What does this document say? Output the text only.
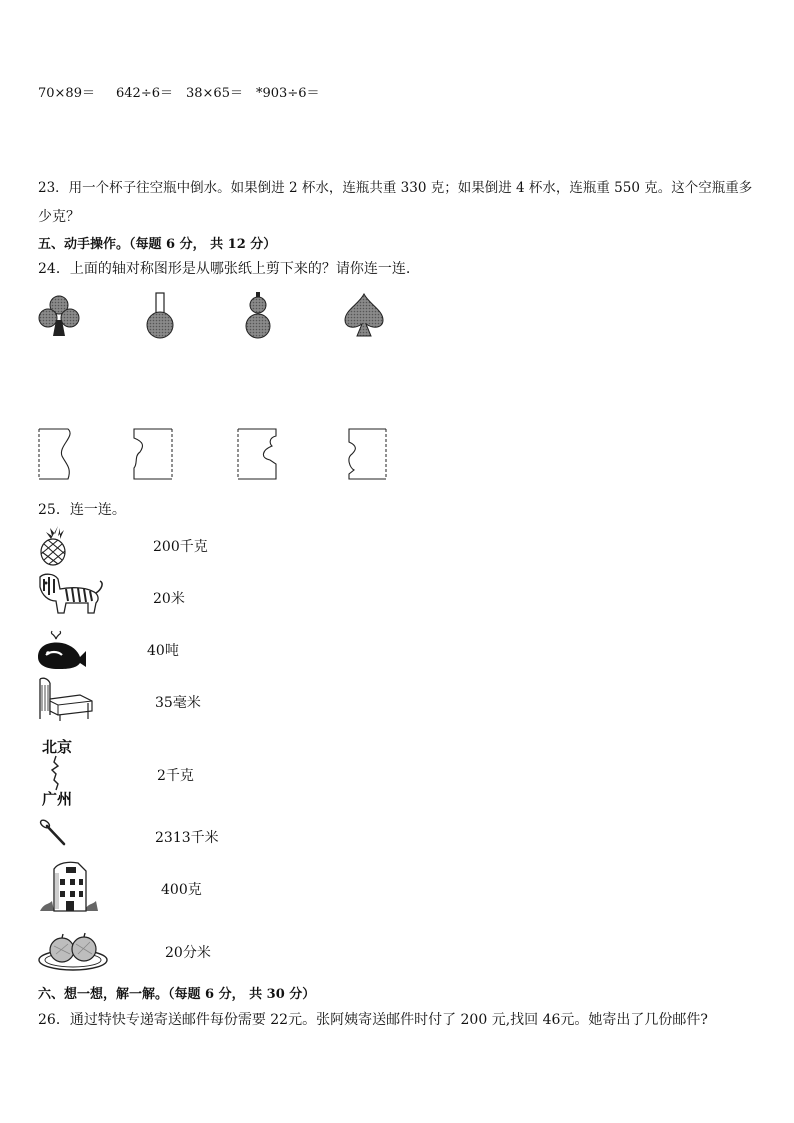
70×89＝ 642÷6＝ 38×65＝ *903÷6＝
23．用一个杯子往空瓶中倒水。如果倒进 2 杯水，连瓶共重 330 克；如果倒进 4 杯水，连瓶重 550 克。这个空瓶重多
少克？
五、动手操作。（每题 6 分， 共 12 分）
24．上面的轴对称图形是从哪张纸上剪下来的？请你连一连.
25．连一连。
北京
广州
200千克
20米
40吨
35毫米
2千克
2313千米
400克
20分米
六、想一想，解一解。（每题 6 分， 共 30 分）
26．通过特快专递寄送邮件每份需要 22元。张阿姨寄送邮件时付了 200 元,找回 46元。她寄出了几份邮件?
